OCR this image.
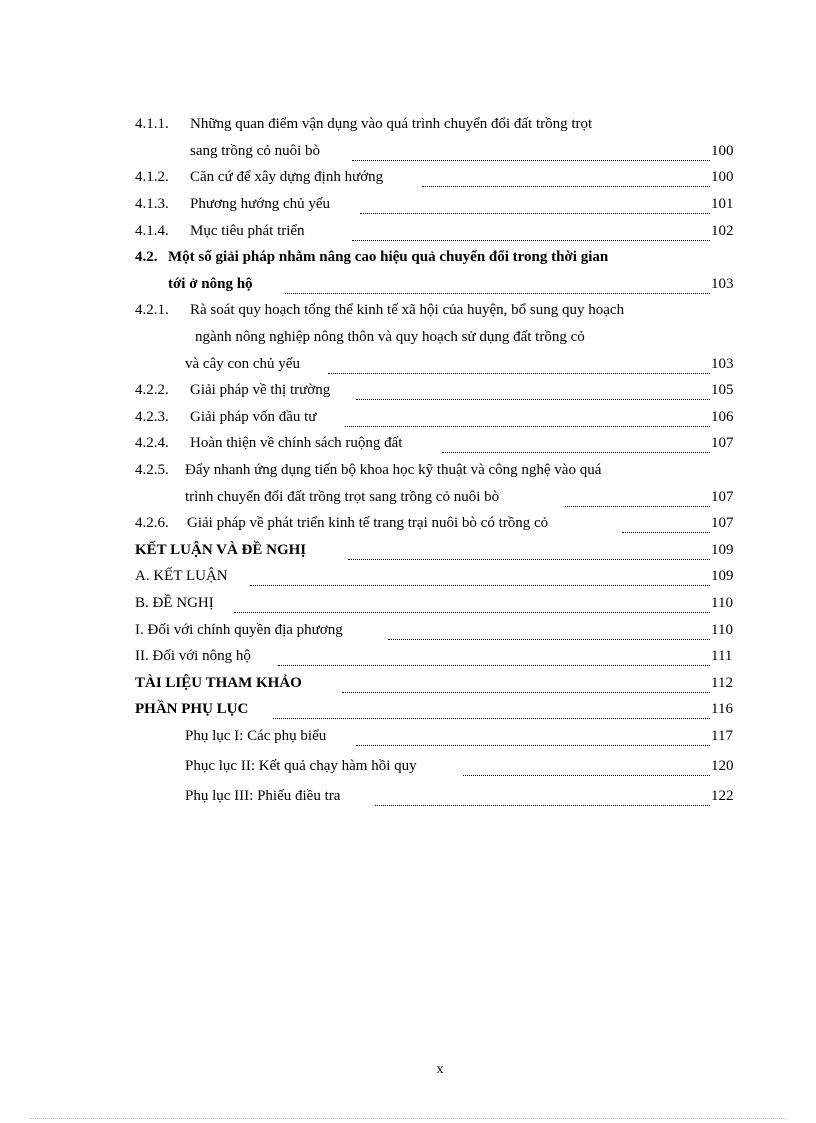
4.1.1. Những quan điểm vận dụng vào quá trình chuyển đổi đất trồng trọt
sang trồng cỏ nuôi bò	100
4.1.2. Căn cứ để xây dựng định hướng	100
4.1.3. Phương hướng chủ yếu	101
4.1.4. Mục tiêu phát triển	102
4.2. Một số giải pháp nhằm nâng cao hiệu quả chuyển đổi trong thời gian
tới ở nông hộ	103
4.2.1. Rà soát quy hoạch tổng thể kinh tế xã hội của huyện, bổ sung quy hoạch
ngành nông nghiệp nông thôn và quy hoạch sử dụng đất trồng cỏ
và cây con chủ yếu	103
4.2.2. Giải pháp về thị trường	105
4.2.3. Giải pháp vốn đầu tư	106
4.2.4. Hoàn thiện về chính sách ruộng đất	107
4.2.5. Đẩy nhanh ứng dụng tiến bộ khoa học kỹ thuật và công nghệ vào quá
trình chuyển đổi đất trồng trọt sang trồng cỏ nuôi bò	107
4.2.6. Giải pháp về phát triển kinh tế trang trại nuôi bò có trồng cỏ	107
KẾT LUẬN VÀ ĐỀ NGHỊ	109
A. KẾT LUẬN	109
B. ĐỀ NGHỊ	110
I. Đối với chính quyền địa phương	110
II. Đối với nông hộ	111
TÀI LIỆU THAM KHẢO	112
PHẦN PHỤ LỤC	116
Phụ lục I: Các phụ biểu	117
Phục lục II: Kết quả chạy hàm hồi quy	120
Phụ lục III: Phiếu điều tra	122
x
